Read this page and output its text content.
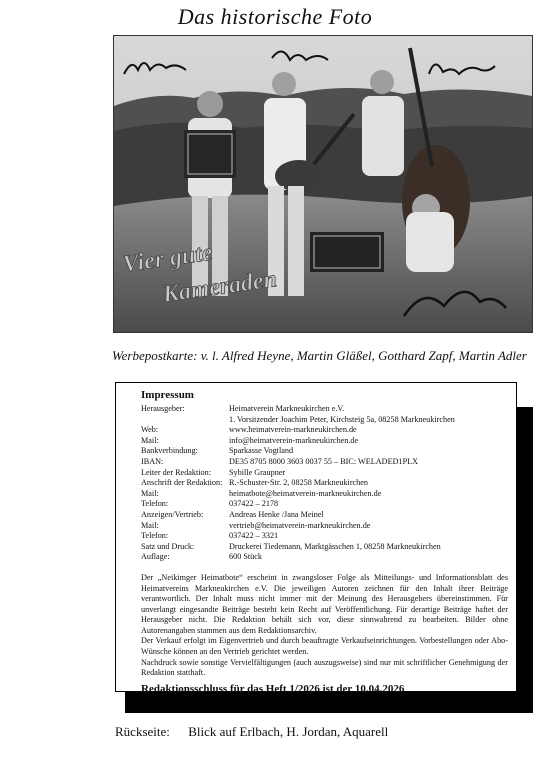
Das historische Foto
Vier gute
Kameraden
Werbepostkarte: v. l. Alfred Heyne, Martin Gläßel, Gotthard Zapf, Martin Adler
Impressum
Herausgeber:	Heimatverein Markneukirchen e.V.
1. Vorsitzender Joachim Peter, Kirchsteig 5a, 08258 Markneukirchen
Web:	www.heimatverein-markneukirchen.de
Mail:	info@heimatverein-markneukirchen.de
Bankverbindung:	Sparkasse Vogtland
IBAN:	DE35 8705 8000 3603 0037 55 – BIC: WELADED1PLX
Leiter der Redaktion:	Sybille Graupner
Anschrift der Redaktion: R.-Schuster-Str. 2, 08258 Markneukirchen
Mail:	heimatbote@heimatverein-markneukirchen.de
Telefon:	037422 – 2178
Anzeigen/Vertrieb:	Andreas Henke /Jana Meinel
Mail:	vertrieb@heimatverein-markneukirchen.de
Telefon:	037422 – 3321
Satz und Druck:	Druckerei Tiedemann, Marktgässchen 1, 08258 Markneukirchen
Auflage:	600 Stück

Der „Neikimger Heimatbote“ erscheint in zwangsloser Folge als Mitteilungs- und Informationsblatt des Heimatvereins Markneukirchen e.V. Die jeweiligen Autoren zeichnen für den Inhalt ihrer Beiträge verantwortlich. Der Inhalt muss nicht immer mit der Meinung des Herausgebers übereinstimmen. Für unverlangt eingesandte Beiträge besteht kein Recht auf Veröffentlichung. Für derartige Beiträge haftet der Herausgeber nicht. Die Redaktion behält sich vor, diese sinnwahrend zu bearbeiten. Bilder ohne Autorenangaben stammen aus dem Redaktionsarchiv.

Der Verkauf erfolgt im Eigenvertrieb und durch beauftragte Verkaufseinrichtungen. Vorbestellungen oder Abo-Wünsche können an den Vertrieb gerichtet werden.

Nachdruck sowie sonstige Vervielfältigungen (auch auszugsweise) sind nur mit schriftlicher Genehmigung der Redaktion statthaft.

Redaktionsschluss für das Heft 1/2026 ist der 10.04.2026
Rückseite: Blick auf Erlbach, H. Jordan, Aquarell
